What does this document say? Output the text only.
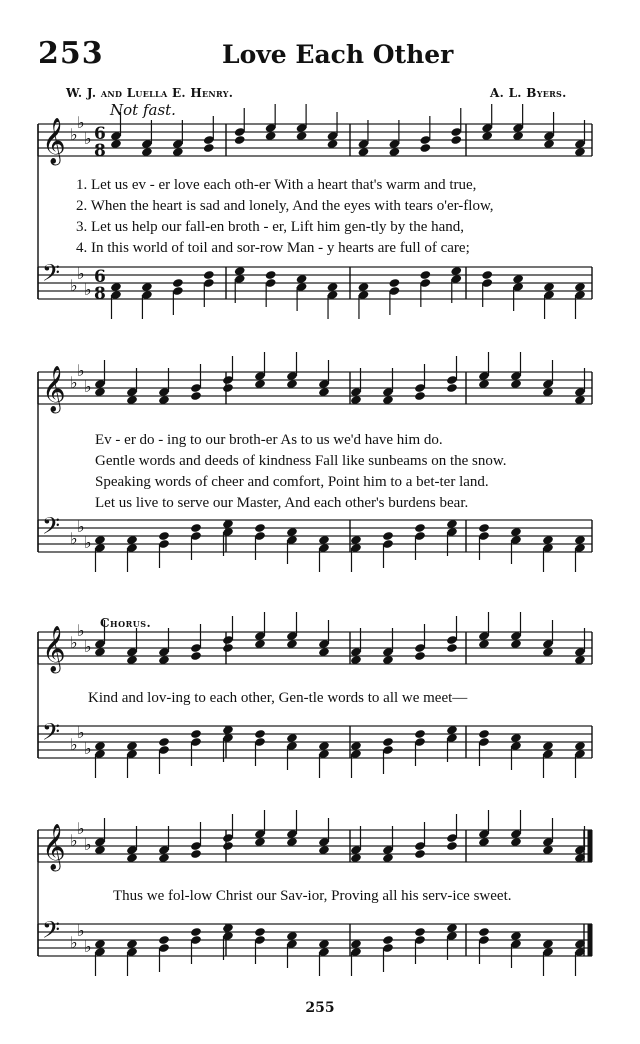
253	Love Each Other
W. J. and Luella E. Henry.	A. L. Byers.
Not fast.
𝄞 ♭
♭
♭ 6
8
𝄢 ♭
♭
♭
6
8
1. Let us ev - er love each oth-er With a heart that's warm and true,
2. When the heart is sad and lonely, And the eyes with tears o'er-flow,
3. Let us help our fall-en broth - er, Lift him gen-tly by the hand,
4. In this world of toil and sor-row Man - y hearts are full of care;
𝄞 ♭
♭
♭
𝄢 ♭
♭
♭
Ev - er do - ing to our broth-er As to us we'd have him do.
Gentle words and deeds of kindness Fall like sunbeams on the snow.
Speaking words of cheer and comfort, Point him to a bet-ter land.
Let us live to serve our Master, And each other's burdens bear.
Chorus.
𝄞 ♭
♭
♭
𝄢 ♭
♭
♭
Kind and lov-ing to each other, Gen-tle words to all we meet—
𝄞 ♭
♭
♭
𝄢 ♭
♭
♭
Thus we fol-low Christ our Sav-ior, Proving all his serv-ice sweet.
255
